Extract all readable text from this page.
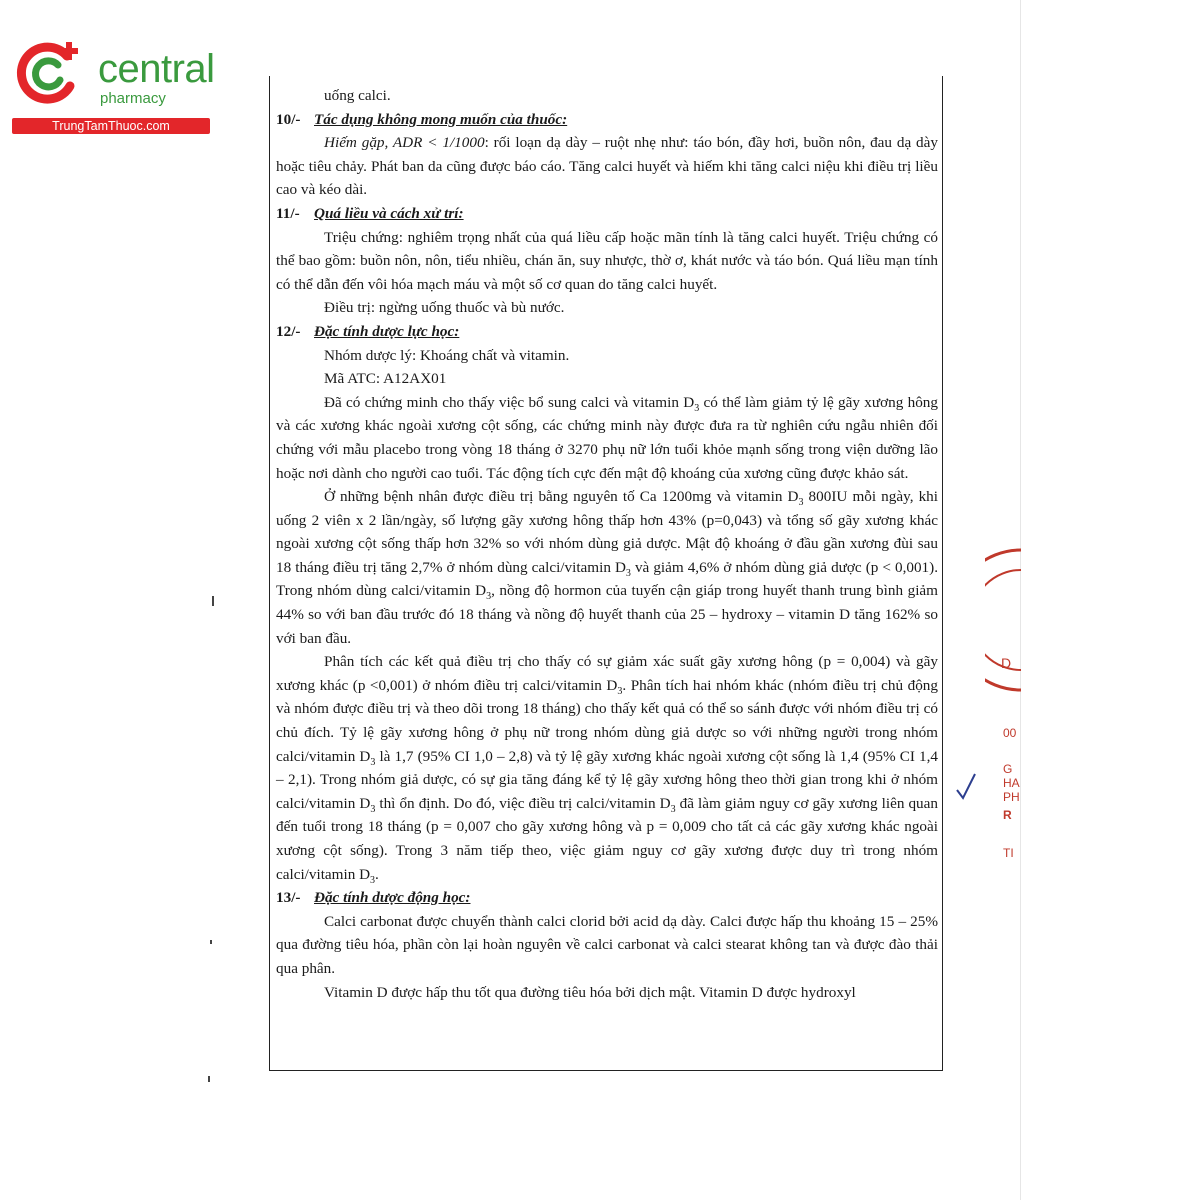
central
pharmacy
TrungTamThuoc.com

uống calci.

10/- Tác dụng không mong muốn của thuốc:

Hiếm gặp, ADR < 1/1000: rối loạn dạ dày – ruột nhẹ như: táo bón, đầy hơi, buồn nôn, đau dạ dày hoặc tiêu chảy. Phát ban da cũng được báo cáo. Tăng calci huyết và hiếm khi tăng calci niệu khi điều trị liều cao và kéo dài.

11/- Quá liều và cách xử trí:

Triệu chứng: nghiêm trọng nhất của quá liều cấp hoặc mãn tính là tăng calci huyết. Triệu chứng có thể bao gồm: buồn nôn, nôn, tiểu nhiều, chán ăn, suy nhược, thờ ơ, khát nước và táo bón. Quá liều mạn tính có thể dẫn đến vôi hóa mạch máu và một số cơ quan do tăng calci huyết.

Điều trị: ngừng uống thuốc và bù nước.

12/- Đặc tính dược lực học:

Nhóm dược lý: Khoáng chất và vitamin.

Mã ATC: A12AX01

Đã có chứng minh cho thấy việc bổ sung calci và vitamin $D_3$ có thể làm giảm tỷ lệ gãy xương hông và các xương khác ngoài xương cột sống, các chứng minh này được đưa ra từ nghiên cứu ngẫu nhiên đối chứng với mẫu placebo trong vòng 18 tháng ở 3270 phụ nữ lớn tuổi khỏe mạnh sống trong viện dưỡng lão hoặc nơi dành cho người cao tuổi. Tác động tích cực đến mật độ khoáng của xương cũng được khảo sát.

Ở những bệnh nhân được điều trị bằng nguyên tố Ca 1200mg và vitamin $D_3$ 800IU mỗi ngày, khi uống 2 viên x 2 lần/ngày, số lượng gãy xương hông thấp hơn 43% (p=0,043) và tổng số gãy xương khác ngoài xương cột sống thấp hơn 32% so với nhóm dùng giả dược. Mật độ khoáng ở đầu gần xương đùi sau 18 tháng điều trị tăng 2,7% ở nhóm dùng calci/vitamin $D_3$ và giảm 4,6% ở nhóm dùng giả dược (p < 0,001). Trong nhóm dùng calci/vitamin $D_3$, nồng độ hormon của tuyến cận giáp trong huyết thanh trung bình giảm 44% so với ban đầu trước đó 18 tháng và nồng độ huyết thanh của 25 – hydroxy – vitamin D tăng 162% so với ban đầu.

Phân tích các kết quả điều trị cho thấy có sự giảm xác suất gãy xương hông (p = 0,004) và gãy xương khác (p <0,001) ở nhóm điều trị calci/vitamin $D_3$. Phân tích hai nhóm khác (nhóm điều trị chủ động và nhóm được điều trị và theo dõi trong 18 tháng) cho thấy kết quả có thể so sánh được với nhóm điều trị có chủ đích. Tỷ lệ gãy xương hông ở phụ nữ trong nhóm dùng giả dược so với những người trong nhóm calci/vitamin $D_3$ là 1,7 (95% CI 1,0 – 2,8) và tỷ lệ gãy xương khác ngoài xương cột sống là 1,4 (95% CI 1,4 – 2,1). Trong nhóm giả dược, có sự gia tăng đáng kể tỷ lệ gãy xương hông theo thời gian trong khi ở nhóm calci/vitamin $D_3$ thì ổn định. Do đó, việc điều trị calci/vitamin $D_3$ đã làm giảm nguy cơ gãy xương liên quan đến tuổi trong 18 tháng (p = 0,007 cho gãy xương hông và p = 0,009 cho tất cả các gãy xương khác ngoài xương cột sống). Trong 3 năm tiếp theo, việc giảm nguy cơ gãy xương được duy trì trong nhóm calci/vitamin $D_3$.

13/- Đặc tính dược động học:

Calci carbonat được chuyển thành calci clorid bởi acid dạ dày. Calci được hấp thu khoảng 15 – 25% qua đường tiêu hóa, phần còn lại hoàn nguyên về calci carbonat và calci stearat không tan và được đào thải qua phân.

Vitamin D được hấp thu tốt qua đường tiêu hóa bởi dịch mật. Vitamin D được hydroxyl

D
00
G
HA
PH
R
TI
